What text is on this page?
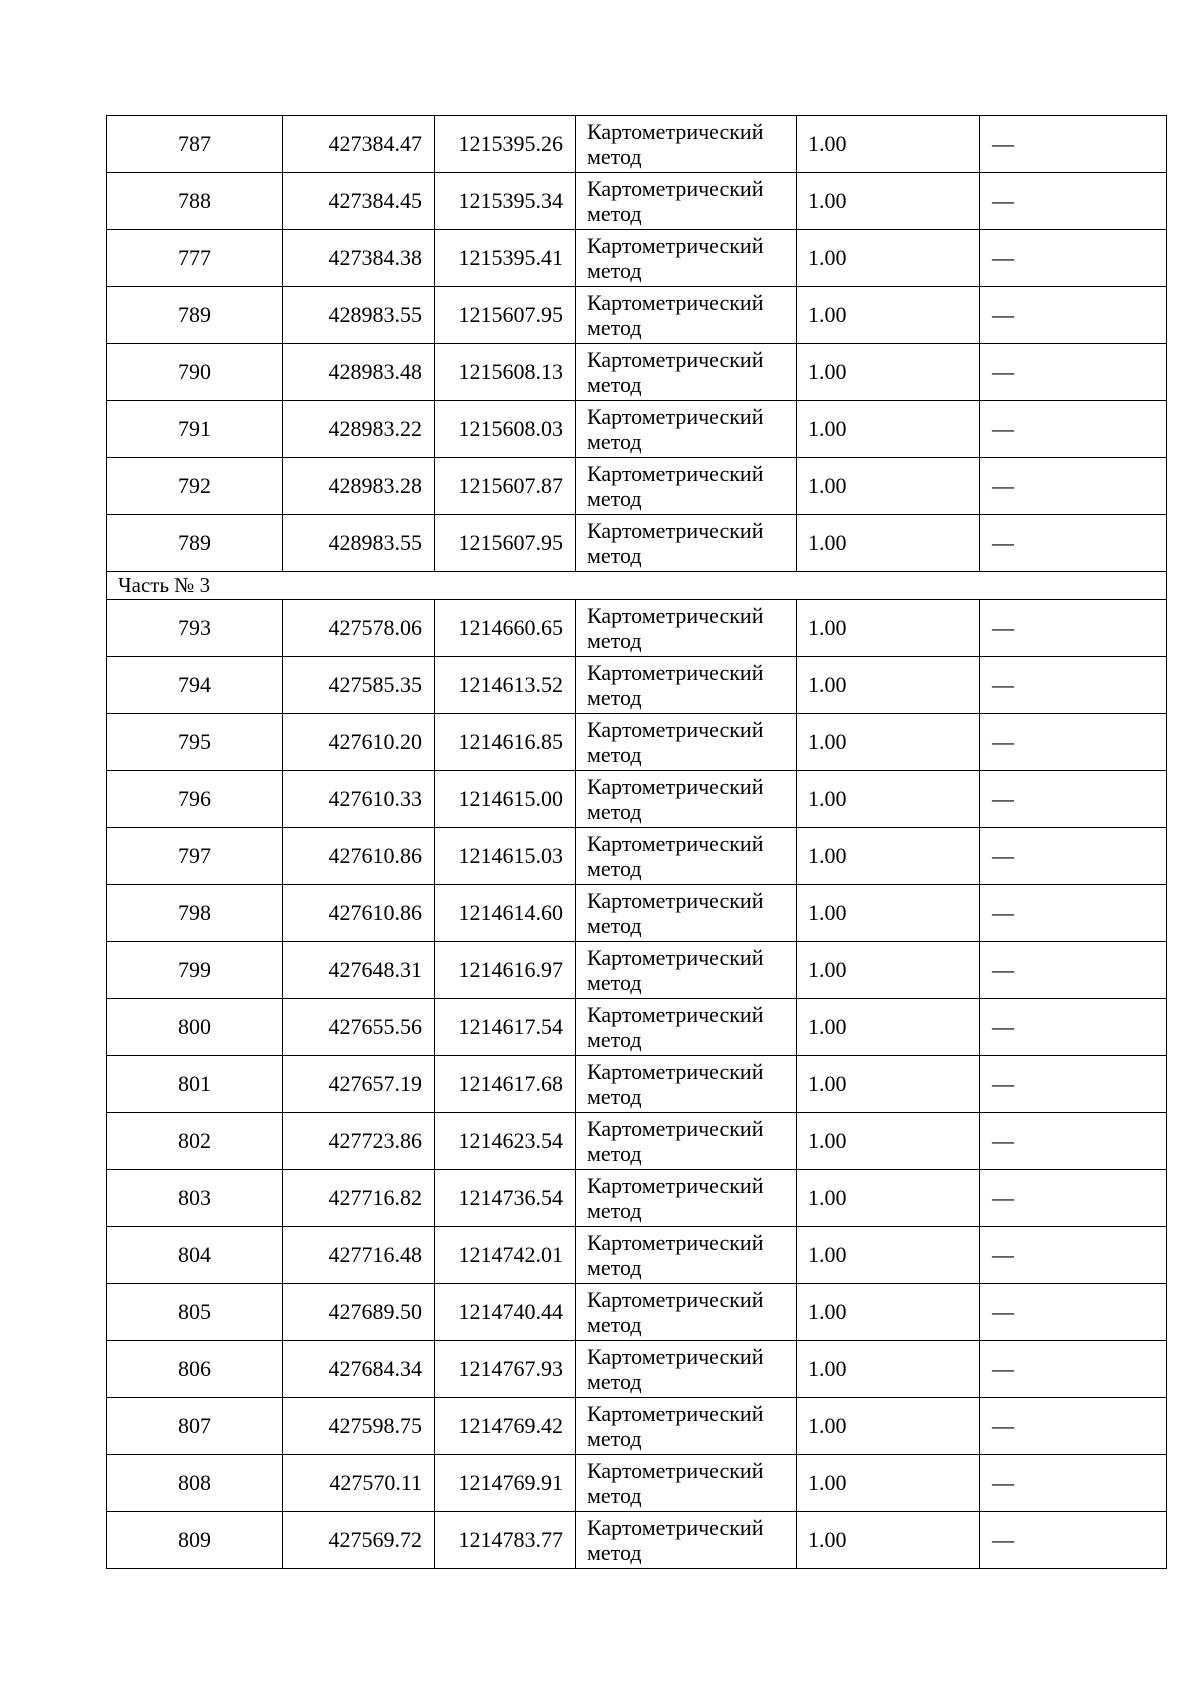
787	427384.47	1215395.26	Картометрический метод	1.00	—
788	427384.45	1215395.34	Картометрический метод	1.00	—
777	427384.38	1215395.41	Картометрический метод	1.00	—
789	428983.55	1215607.95	Картометрический метод	1.00	—
790	428983.48	1215608.13	Картометрический метод	1.00	—
791	428983.22	1215608.03	Картометрический метод	1.00	—
792	428983.28	1215607.87	Картометрический метод	1.00	—
789	428983.55	1215607.95	Картометрический метод	1.00	—
Часть № 3					
793	427578.06	1214660.65	Картометрический метод	1.00	—
794	427585.35	1214613.52	Картометрический метод	1.00	—
795	427610.20	1214616.85	Картометрический метод	1.00	—
796	427610.33	1214615.00	Картометрический метод	1.00	—
797	427610.86	1214615.03	Картометрический метод	1.00	—
798	427610.86	1214614.60	Картометрический метод	1.00	—
799	427648.31	1214616.97	Картометрический метод	1.00	—
800	427655.56	1214617.54	Картометрический метод	1.00	—
801	427657.19	1214617.68	Картометрический метод	1.00	—
802	427723.86	1214623.54	Картометрический метод	1.00	—
803	427716.82	1214736.54	Картометрический метод	1.00	—
804	427716.48	1214742.01	Картометрический метод	1.00	—
805	427689.50	1214740.44	Картометрический метод	1.00	—
806	427684.34	1214767.93	Картометрический метод	1.00	—
807	427598.75	1214769.42	Картометрический метод	1.00	—
808	427570.11	1214769.91	Картометрический метод	1.00	—
809	427569.72	1214783.77	Картометрический метод	1.00	—
